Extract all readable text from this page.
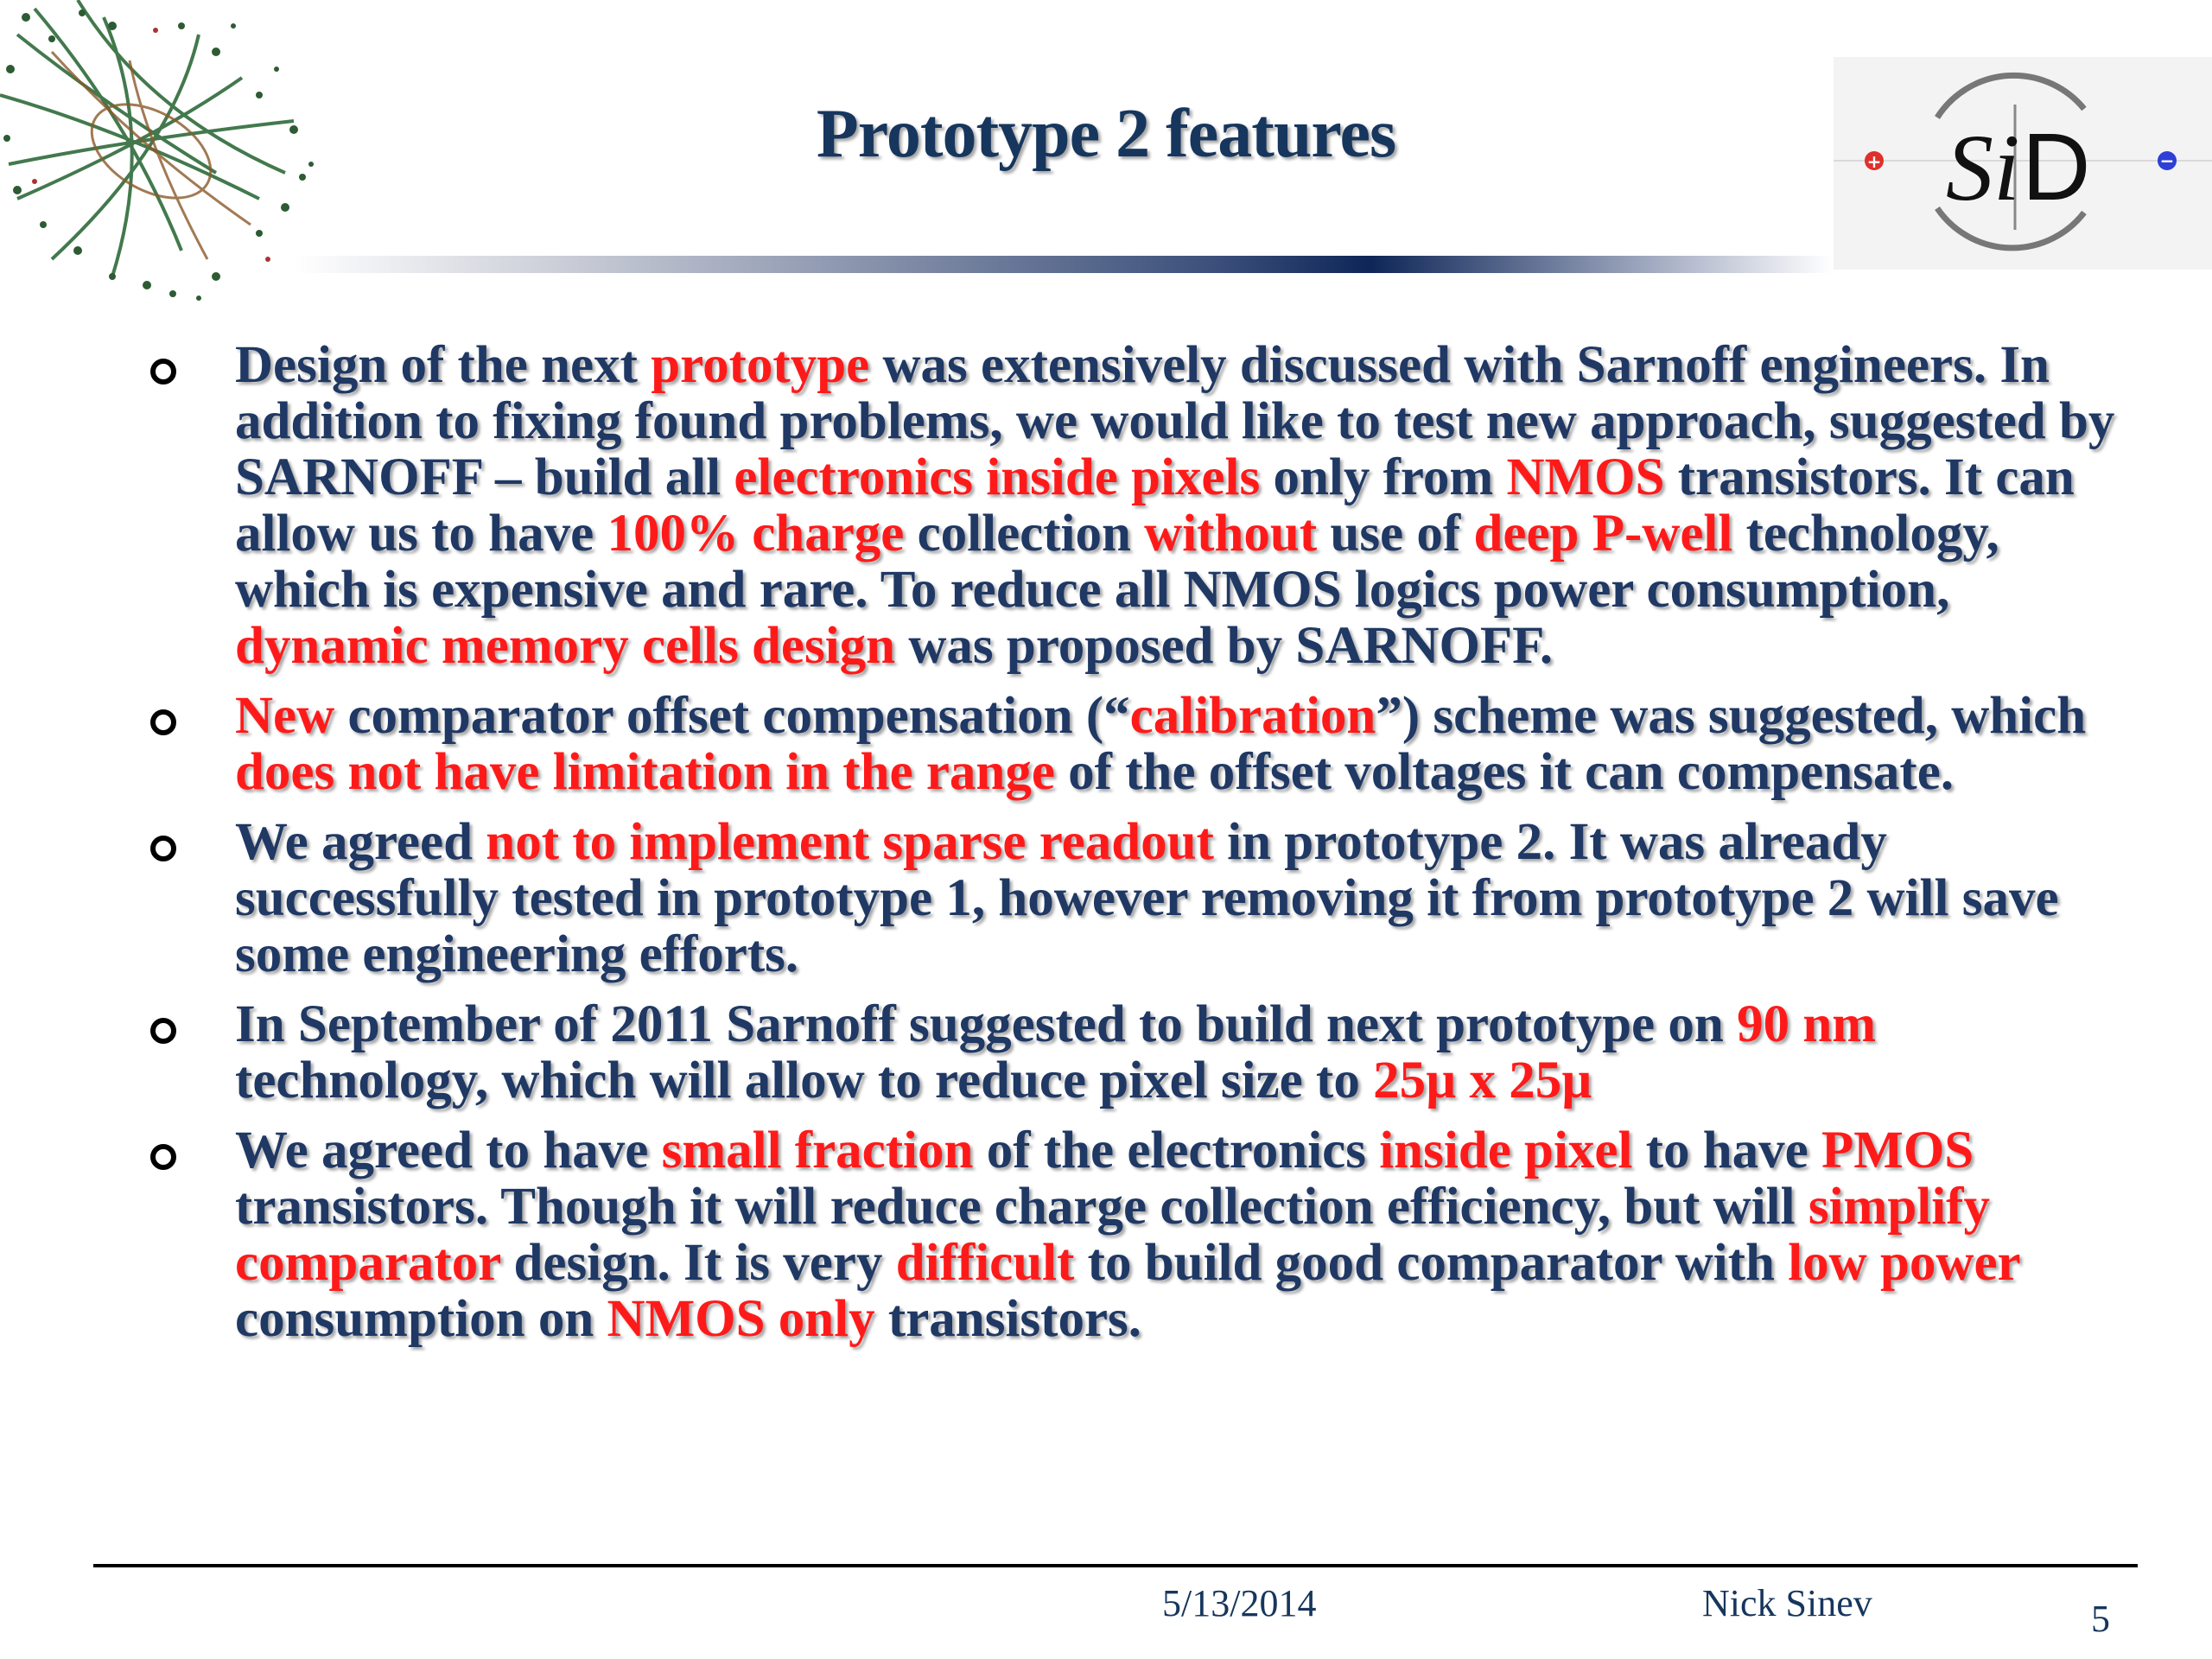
Prototype 2 features	Si D
+	−
Design of the next prototype was extensively discussed with Sarnoff engineers. In addition to fixing found problems, we would like to test new approach, suggested by SARNOFF – build all electronics inside pixels only from NMOS transistors. It can allow us to have 100% charge collection without use of deep P-well technology, which is expensive and rare. To reduce all NMOS logics power consumption, dynamic memory cells design was proposed by SARNOFF.
New comparator offset compensation (“calibration”) scheme was suggested, which does not have limitation in the range of the offset voltages it can compensate.
We agreed not to implement sparse readout in prototype 2. It was already successfully tested in prototype 1, however removing it from prototype 2 will save some engineering efforts.
In September of 2011 Sarnoff suggested to build next prototype on 90 nm technology, which will allow to reduce pixel size to 25µ x 25µ
We agreed to have small fraction of the electronics inside pixel to have PMOS transistors. Though it will reduce charge collection efficiency, but will simplify comparator design. It is very difficult to build good comparator with low power consumption on NMOS only transistors.
5/13/2014	Nick Sinev	5
